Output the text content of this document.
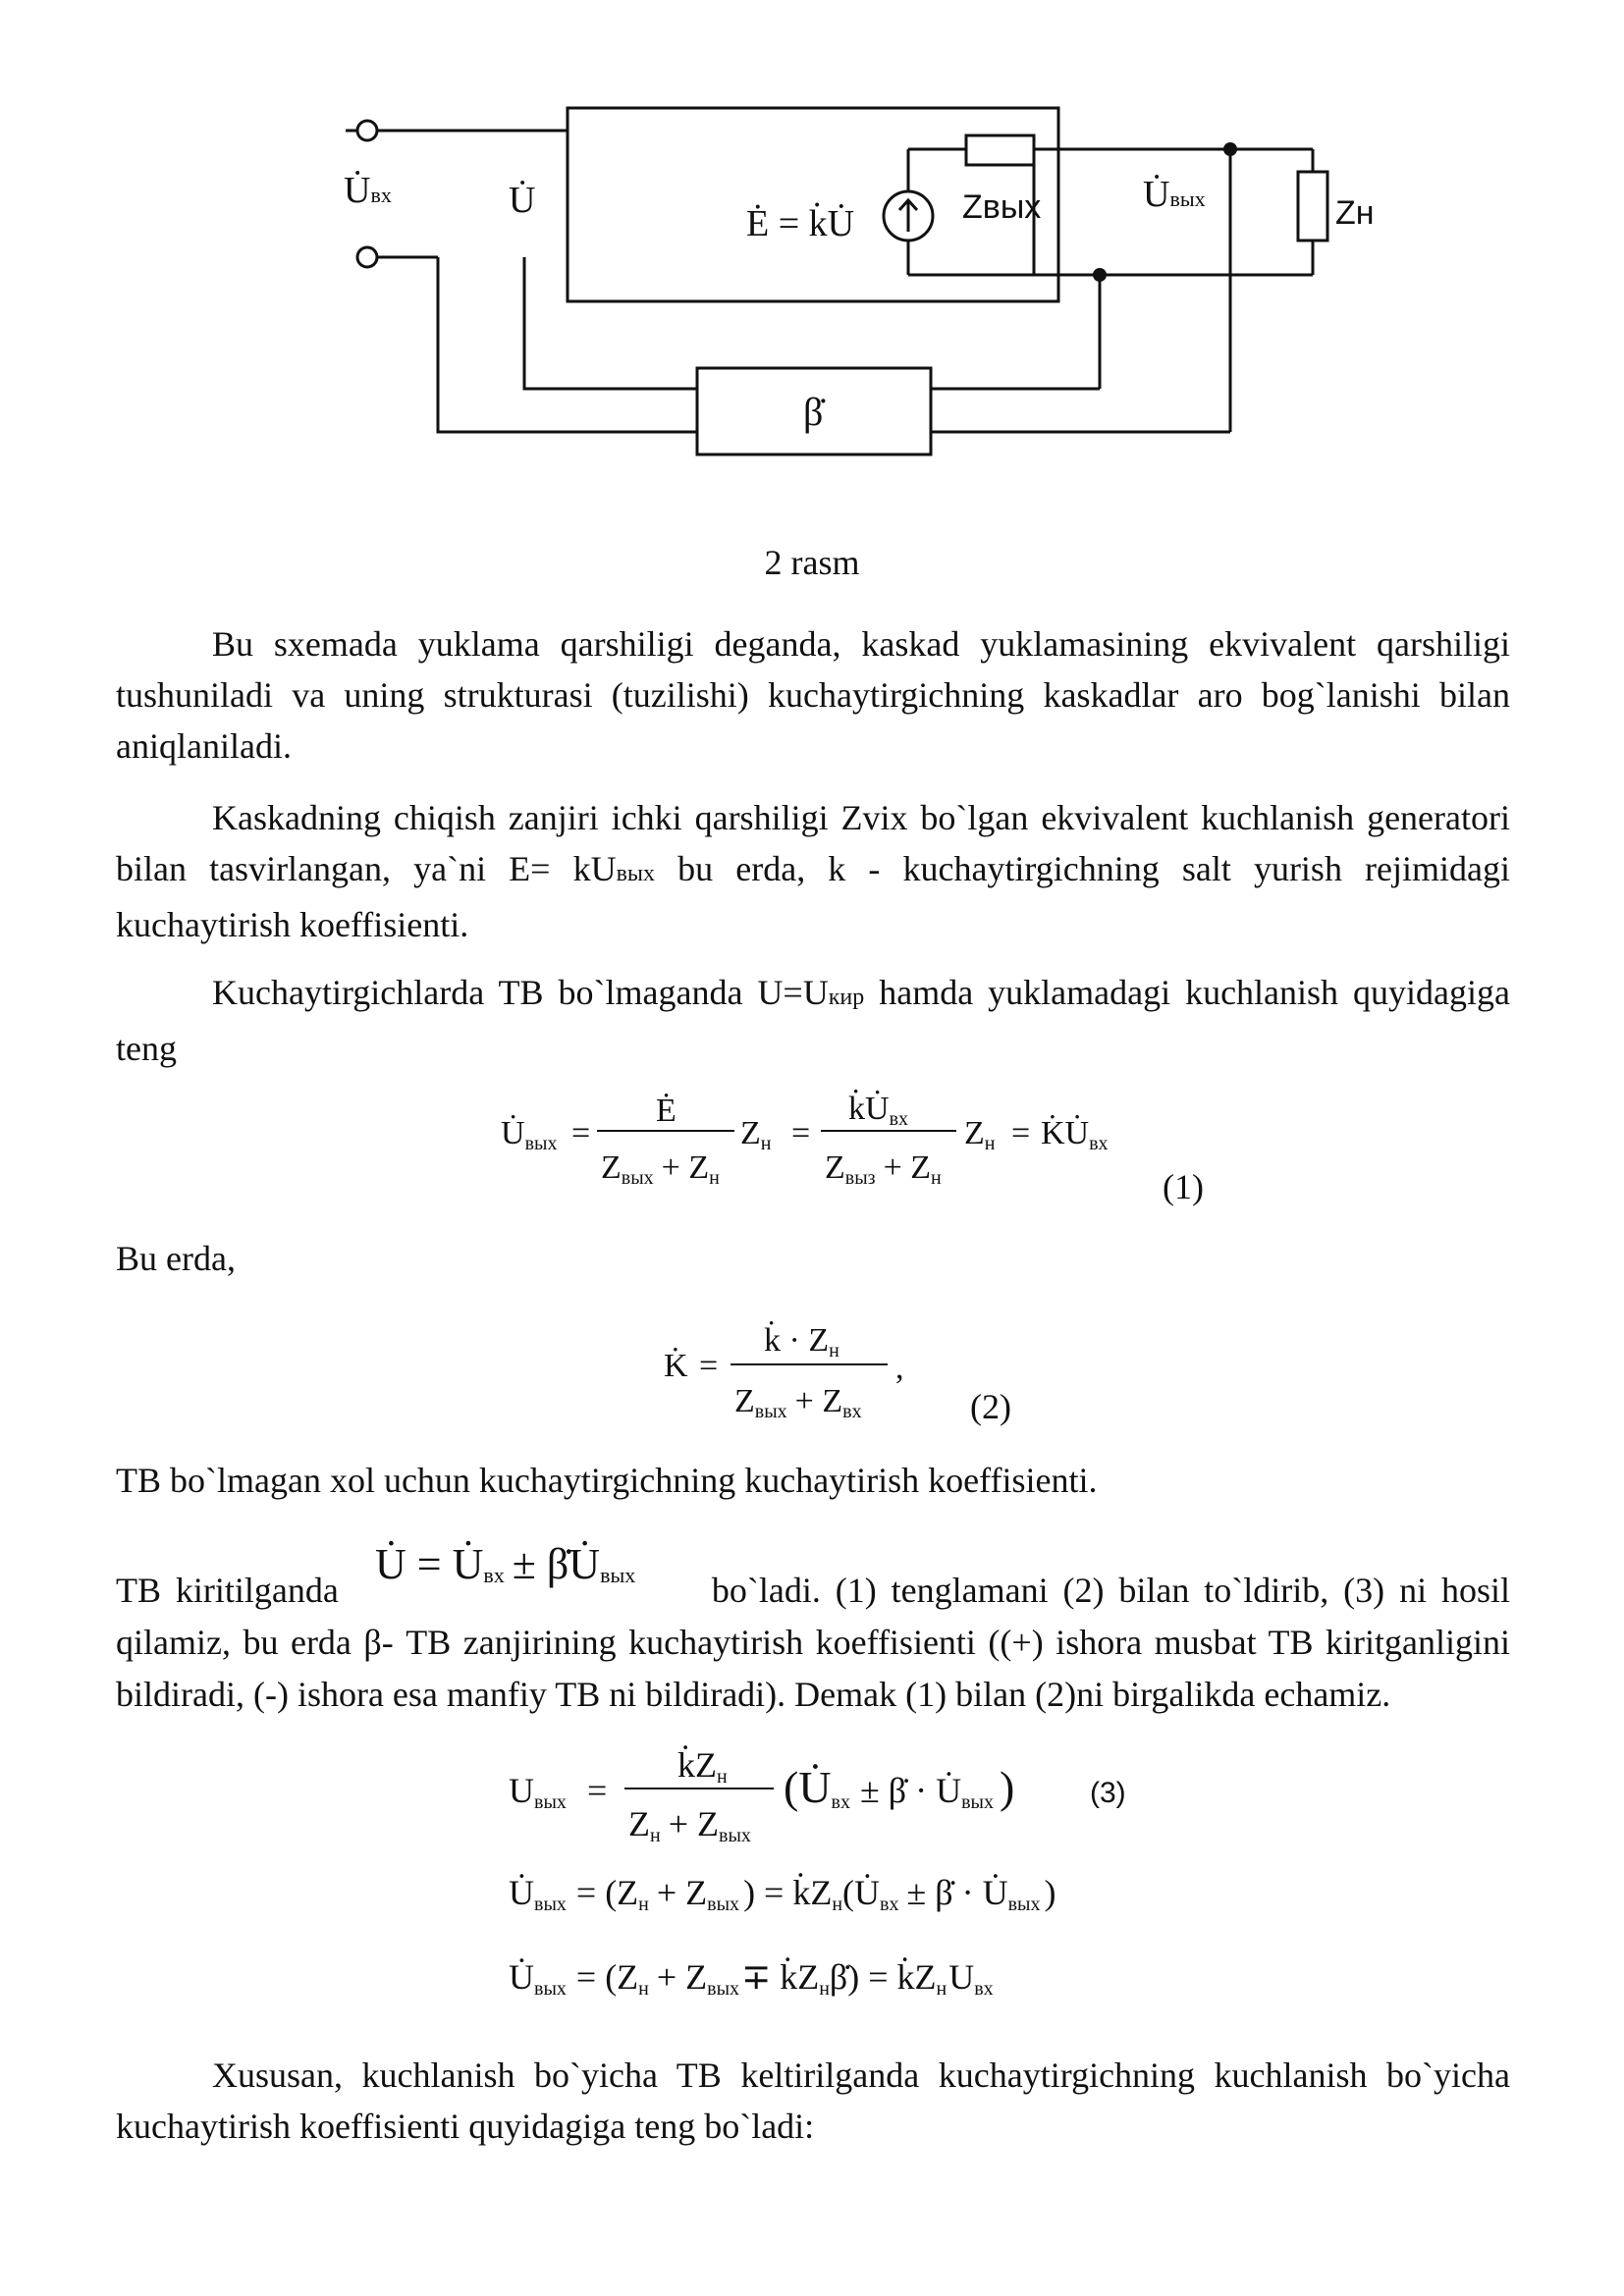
U̇вх	U̇
Ė = k̇U̇	Zвых	U̇вых	Zн
β̇
2 rasm

Bu sxemada yuklama qarshiligi deganda, kaskad yuklamasining ekvivalent qarshiligi tushuniladi va uning strukturasi (tuzilishi) kuchaytirgichning kaskadlar aro bog`lanishi bilan aniqlaniladi.

Kaskadning chiqish zanjiri ichki qarshiligi Zvix bo`lgan ekvivalent kuchlanish generatori bilan tasvirlangan, ya`ni E= kUвых bu erda, k - kuchaytirgichning salt yurish rejimidagi kuchaytirish koeffisienti.

Kuchaytirgichlarda TB bo`lmaganda U=Uкир hamda yuklamadagi kuchlanish quyidagiga teng

U̇вых =
Ė
Zвых + Zн
Zн =
k̇U̇вх
Zвыз + Zн
Zн = K̇U̇вх
(1)

Bu erda,

K̇ =
k̇ · Zн
Zвых + Zвх
,
(2)

TB bo`lmagan xol uchun kuchaytirgichning kuchaytirish koeffisienti.

U̇ = U̇вх ± β̇U̇вых

TB kiritilganda	bo`ladi. (1) tenglamani (2) bilan to`ldirib, (3) ni hosil qilamiz, bu erda β- TB zanjirining kuchaytirish koeffisienti ((+) ishora musbat TB kiritganligini bildiradi, (-) ishora esa manfiy TB ni bildiradi). Demak (1) bilan (2)ni birgalikda echamiz.

Uвых =
k̇Zн
Zн + Zвых
(U̇вх ± β̇ · U̇вых )	(3)
U̇вых = (Zн + Zвых ) = k̇Zн(U̇вх ± β̇ · U̇вых )
U̇вых = (Zн + Zвых∓ k̇Zнβ̇) = k̇ZнUвх

Xususan, kuchlanish bo`yicha TB keltirilganda kuchaytirgichning kuchlanish bo`yicha kuchaytirish koeffisienti quyidagiga teng bo`ladi:
